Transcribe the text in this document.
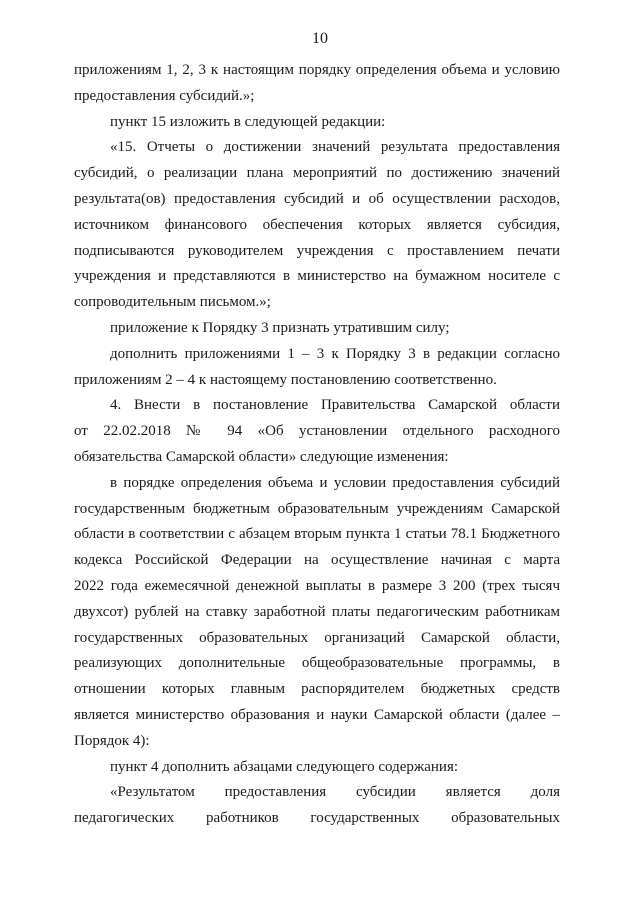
10
приложениям 1, 2, 3 к настоящим порядку определения объема и условию
предоставления субсидий.»;
пункт 15 изложить в следующей редакции:
«15. Отчеты о достижении значений результата предоставления
субсидий, о реализации плана мероприятий по достижению значений
результата(ов) предоставления субсидий и об осуществлении расходов,
источником финансового обеспечения которых является субсидия,
подписываются руководителем учреждения с проставлением печати
учреждения и представляются в министерство на бумажном носителе с
сопроводительным письмом.»;
приложение к Порядку 3 признать утратившим силу;
дополнить приложениями 1 – 3 к Порядку 3 в редакции согласно
приложениям 2 – 4 к настоящему постановлению соответственно.
4. Внести в постановление Правительства Самарской области
от 22.02.2018 № 94 «Об установлении отдельного расходного
обязательства Самарской области» следующие изменения:
в порядке определения объема и условии предоставления субсидий
государственным бюджетным образовательным учреждениям Самарской
области в соответствии с абзацем вторым пункта 1 статьи 78.1 Бюджетного
кодекса Российской Федерации на осуществление начиная с марта
2022 года ежемесячной денежной выплаты в размере 3 200 (трех тысяч
двухсот) рублей на ставку заработной платы педагогическим работникам
государственных образовательных организаций Самарской области,
реализующих дополнительные общеобразовательные программы, в
отношении которых главным распорядителем бюджетных средств
является министерство образования и науки Самарской области (далее –
Порядок 4):
пункт 4 дополнить абзацами следующего содержания:
«Результатом предоставления субсидии является доля
педагогических работников государственных образовательных
